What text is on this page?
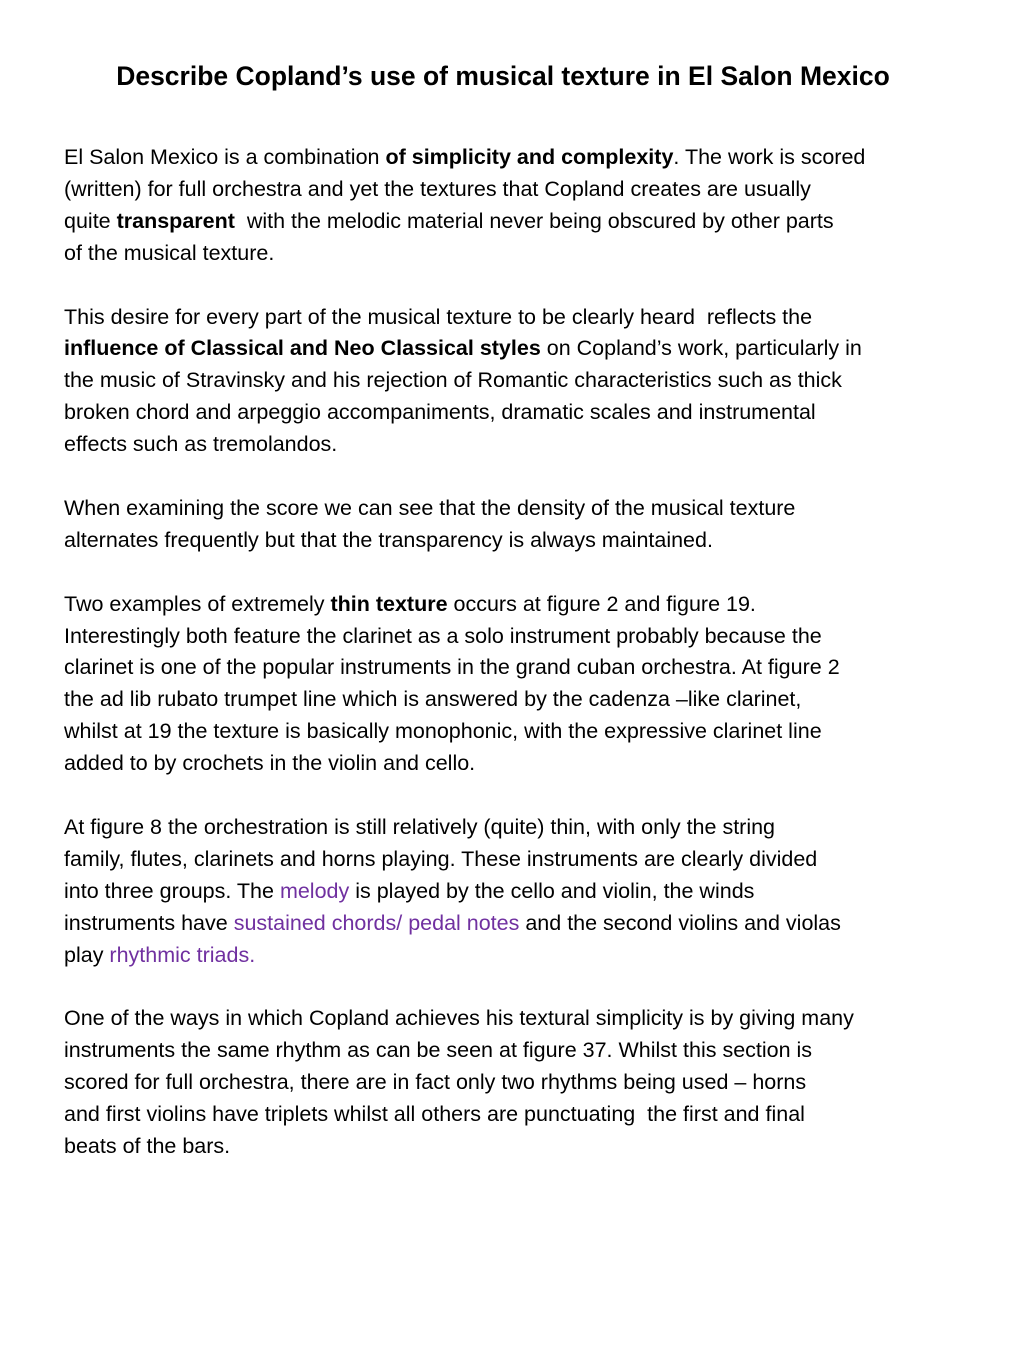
Describe Copland’s use of musical texture in El Salon Mexico

El Salon Mexico is a combination of simplicity and complexity. The work is scored
(written) for full orchestra and yet the textures that Copland creates are usually
quite transparent  with the melodic material never being obscured by other parts
of the musical texture.

This desire for every part of the musical texture to be clearly heard  reflects the
influence of Classical and Neo Classical styles on Copland’s work, particularly in
the music of Stravinsky and his rejection of Romantic characteristics such as thick
broken chord and arpeggio accompaniments, dramatic scales and instrumental
effects such as tremolandos.

When examining the score we can see that the density of the musical texture
alternates frequently but that the transparency is always maintained.

Two examples of extremely thin texture occurs at figure 2 and figure 19.
Interestingly both feature the clarinet as a solo instrument probably because the
clarinet is one of the popular instruments in the grand cuban orchestra. At figure 2
the ad lib rubato trumpet line which is answered by the cadenza –like clarinet,
whilst at 19 the texture is basically monophonic, with the expressive clarinet line
added to by crochets in the violin and cello.

At figure 8 the orchestration is still relatively (quite) thin, with only the string
family, flutes, clarinets and horns playing. These instruments are clearly divided
into three groups. The melody is played by the cello and violin, the winds
instruments have sustained chords/ pedal notes and the second violins and violas
play rhythmic triads.

One of the ways in which Copland achieves his textural simplicity is by giving many
instruments the same rhythm as can be seen at figure 37. Whilst this section is
scored for full orchestra, there are in fact only two rhythms being used – horns
and first violins have triplets whilst all others are punctuating  the first and final
beats of the bars.
